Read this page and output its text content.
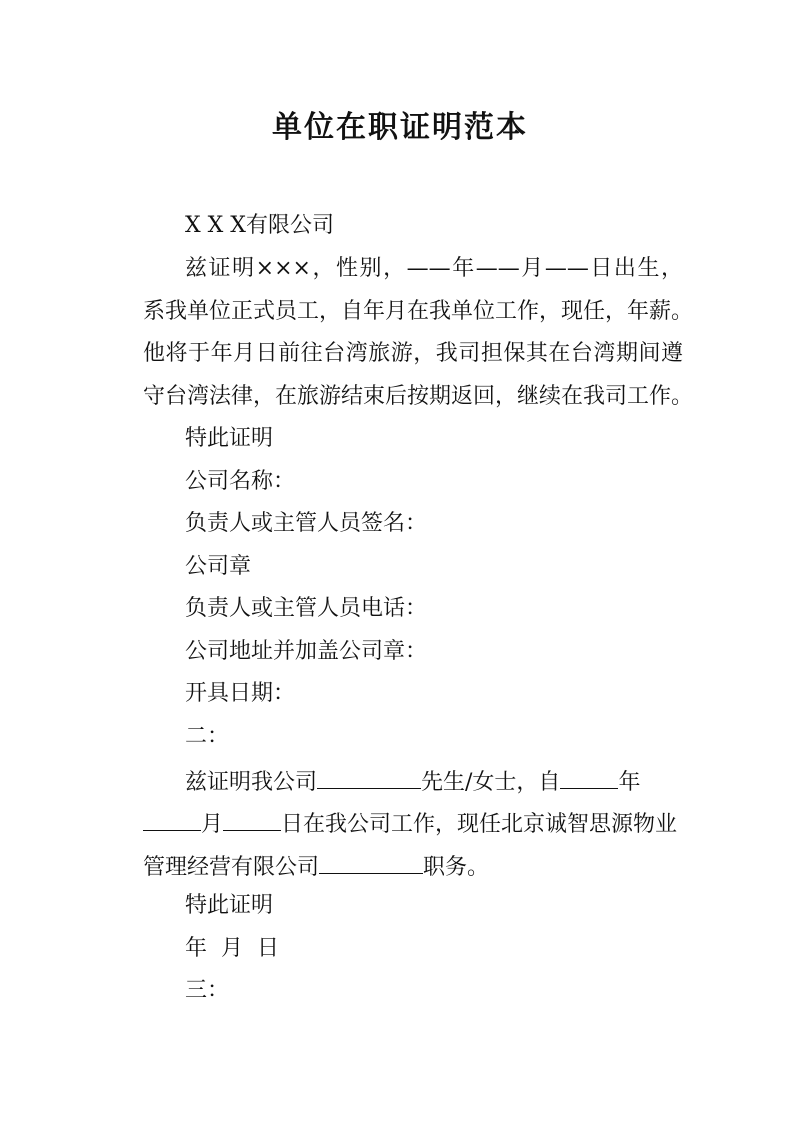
单位在职证明范本
X X X有限公司
兹证明×××，性别，——年——月——日出生，
系我单位正式员工，自年月在我单位工作，现任，年薪。
他将于年月日前往台湾旅游，我司担保其在台湾期间遵
守台湾法律，在旅游结束后按期返回，继续在我司工作。
特此证明
公司名称：
负责人或主管人员签名：
公司章
负责人或主管人员电话：
公司地址并加盖公司章：
开具日期：
二：
兹证明我公司	先生/女士，自	年
月	日在我公司工作，现任北京诚智思源物业
管理经营有限公司	职务。
特此证明
年  月  日
三：
